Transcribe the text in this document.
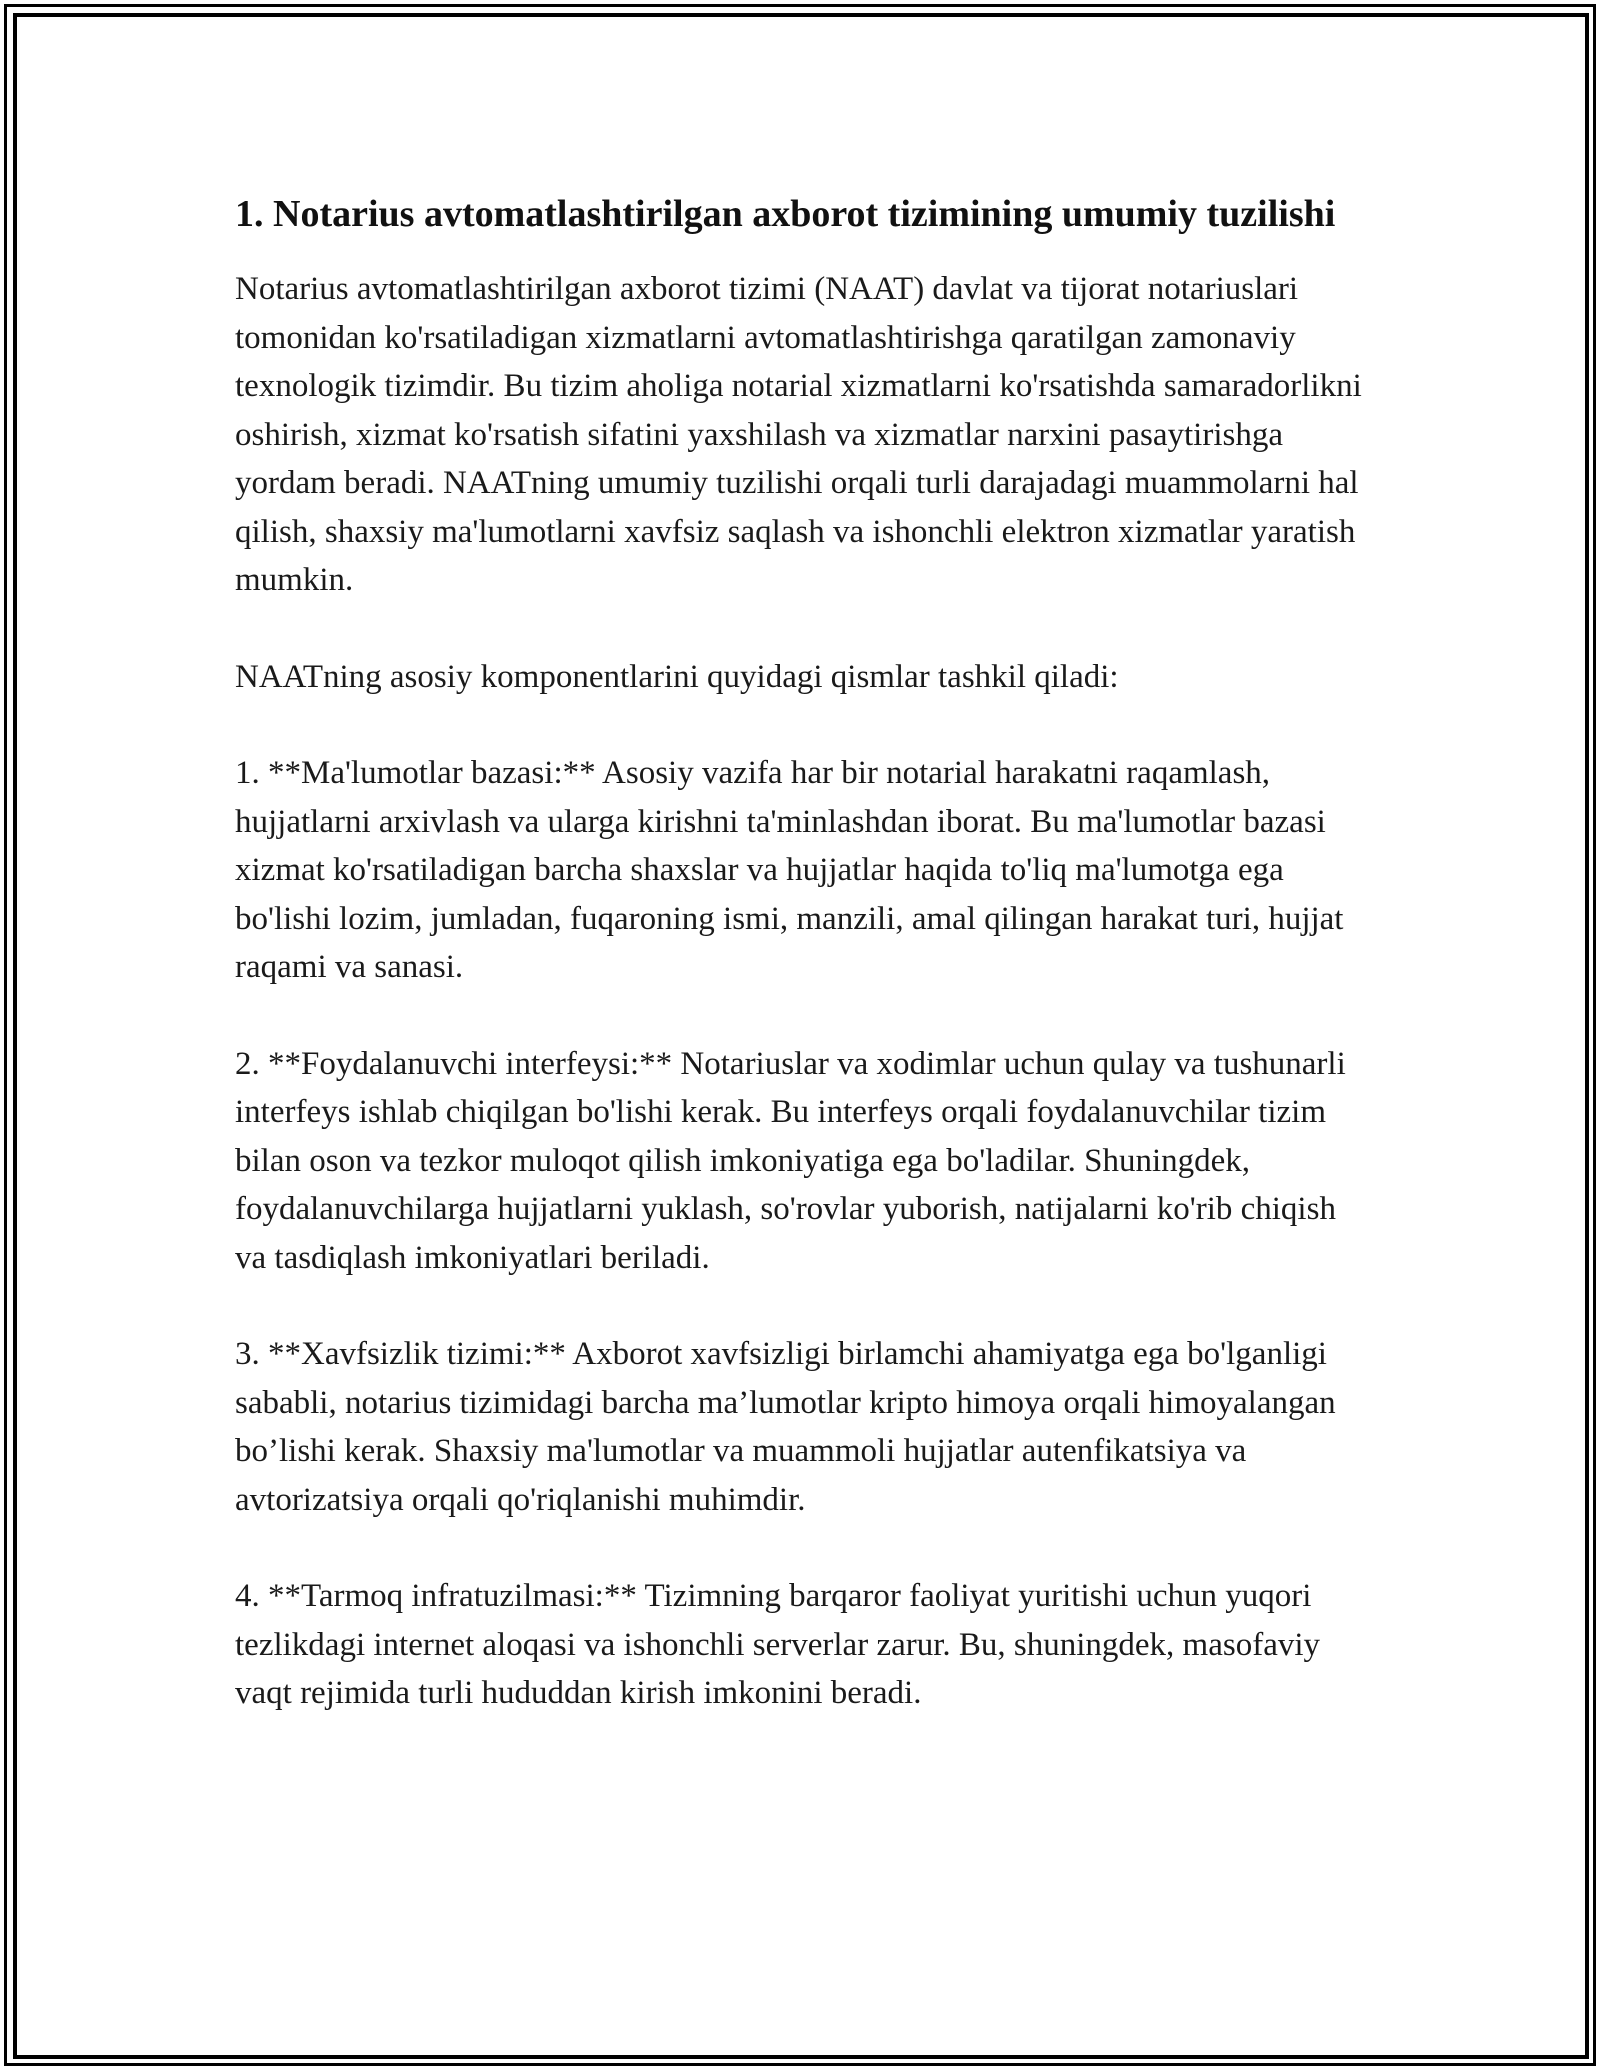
1. Notarius avtomatlashtirilgan axborot tizimining umumiy tuzilishi

Notarius avtomatlashtirilgan axborot tizimi (NAAT) davlat va tijorat notariuslari tomonidan ko'rsatiladigan xizmatlarni avtomatlashtirishga qaratilgan zamonaviy texnologik tizimdir. Bu tizim aholiga notarial xizmatlarni ko'rsatishda samaradorlikni oshirish, xizmat ko'rsatish sifatini yaxshilash va xizmatlar narxini pasaytirishga yordam beradi. NAATning umumiy tuzilishi orqali turli darajadagi muammolarni hal qilish, shaxsiy ma'lumotlarni xavfsiz saqlash va ishonchli elektron xizmatlar yaratish mumkin.

NAATning asosiy komponentlarini quyidagi qismlar tashkil qiladi:

1. **Ma'lumotlar bazasi:** Asosiy vazifa har bir notarial harakatni raqamlash, hujjatlarni arxivlash va ularga kirishni ta'minlashdan iborat. Bu ma'lumotlar bazasi xizmat ko'rsatiladigan barcha shaxslar va hujjatlar haqida to'liq ma'lumotga ega bo'lishi lozim, jumladan, fuqaroning ismi, manzili, amal qilingan harakat turi, hujjat raqami va sanasi.

2. **Foydalanuvchi interfeysi:** Notariuslar va xodimlar uchun qulay va tushunarli interfeys ishlab chiqilgan bo'lishi kerak. Bu interfeys orqali foydalanuvchilar tizim bilan oson va tezkor muloqot qilish imkoniyatiga ega bo'ladilar. Shuningdek, foydalanuvchilarga hujjatlarni yuklash, so'rovlar yuborish, natijalarni ko'rib chiqish va tasdiqlash imkoniyatlari beriladi.

3. **Xavfsizlik tizimi:** Axborot xavfsizligi birlamchi ahamiyatga ega bo'lganligi sababli, notarius tizimidagi barcha ma’lumotlar kripto himoya orqali himoyalangan bo’lishi kerak. Shaxsiy ma'lumotlar va muammoli hujjatlar autenfikatsiya va avtorizatsiya orqali qo'riqlanishi muhimdir.

4. **Tarmoq infratuzilmasi:** Tizimning barqaror faoliyat yuritishi uchun yuqori tezlikdagi internet aloqasi va ishonchli serverlar zarur. Bu, shuningdek, masofaviy vaqt rejimida turli hududdan kirish imkonini beradi.
